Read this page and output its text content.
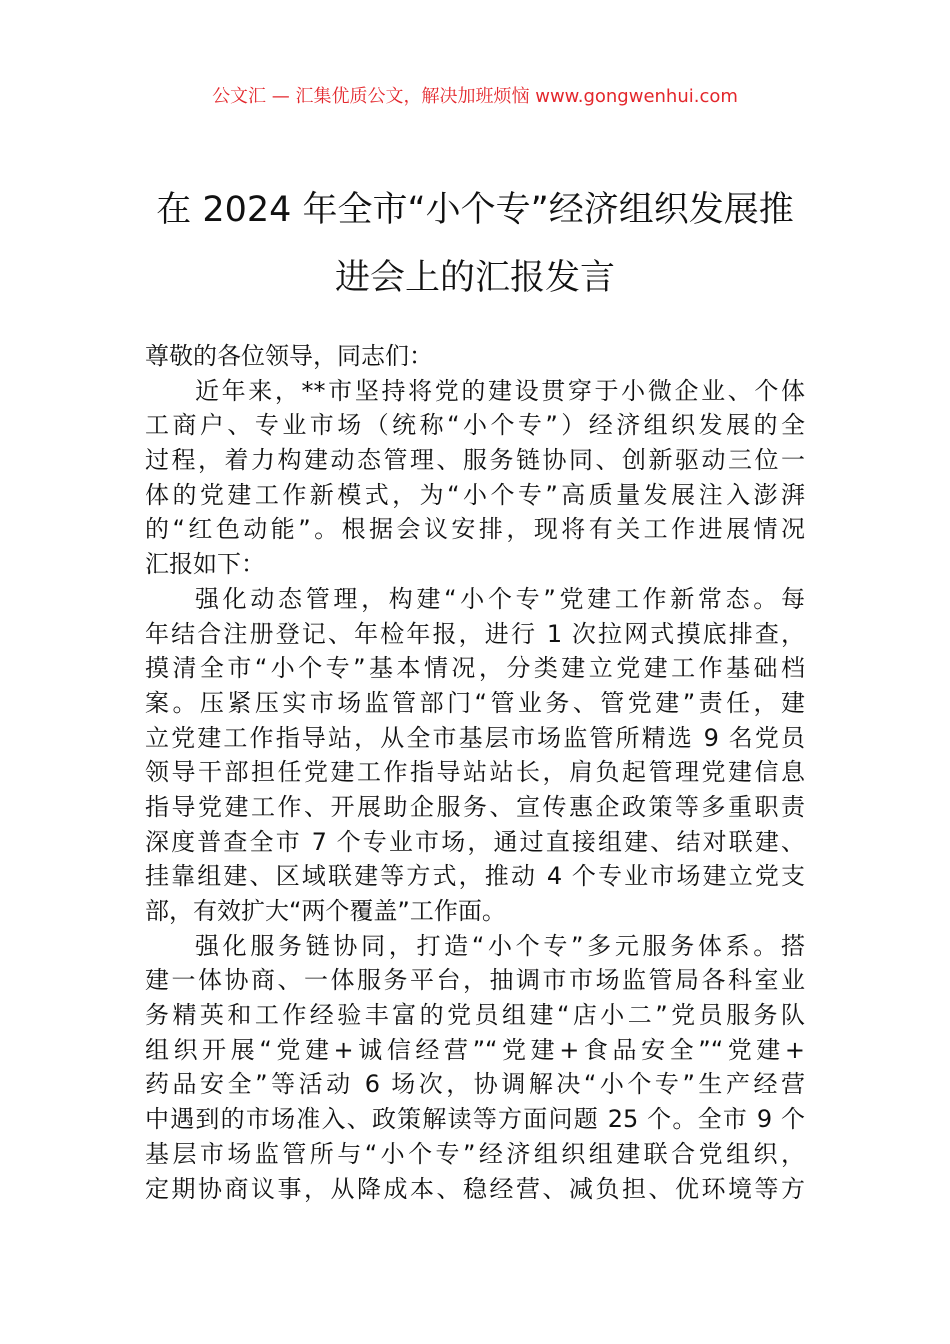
公文汇 — 汇集优质公文，解决加班烦恼 www.gongwenhui.com
在 2024 年全市“小个专”经济组织发展推
进会上的汇报发言
尊敬的各位领导，同志们：
近年来，**市坚持将党的建设贯穿于小微企业、个体
工商户、专业市场（统称“小个专”）经济组织发展的全
过程，着力构建动态管理、服务链协同、创新驱动三位一
体的党建工作新模式，为“小个专”高质量发展注入澎湃
的“红色动能”。根据会议安排，现将有关工作进展情况
汇报如下：
强化动态管理，构建“小个专”党建工作新常态。每
年结合注册登记、年检年报，进行 1 次拉网式摸底排查，
摸清全市“小个专”基本情况，分类建立党建工作基础档
案。压紧压实市场监管部门“管业务、管党建”责任，建
立党建工作指导站，从全市基层市场监管所精选 9 名党员
领导干部担任党建工作指导站站长，肩负起管理党建信息
指导党建工作、开展助企服务、宣传惠企政策等多重职责
深度普查全市 7 个专业市场，通过直接组建、结对联建、
挂靠组建、区域联建等方式，推动 4 个专业市场建立党支
部，有效扩大“两个覆盖”工作面。
强化服务链协同，打造“小个专”多元服务体系。搭
建一体协商、一体服务平台，抽调市市场监管局各科室业
务精英和工作经验丰富的党员组建“店小二”党员服务队
组织开展“党建+诚信经营”“党建+食品安全”“党建+
药品安全”等活动 6 场次，协调解决“小个专”生产经营
中遇到的市场准入、政策解读等方面问题 25 个。全市 9 个
基层市场监管所与“小个专”经济组织组建联合党组织，
定期协商议事，从降成本、稳经营、减负担、优环境等方
